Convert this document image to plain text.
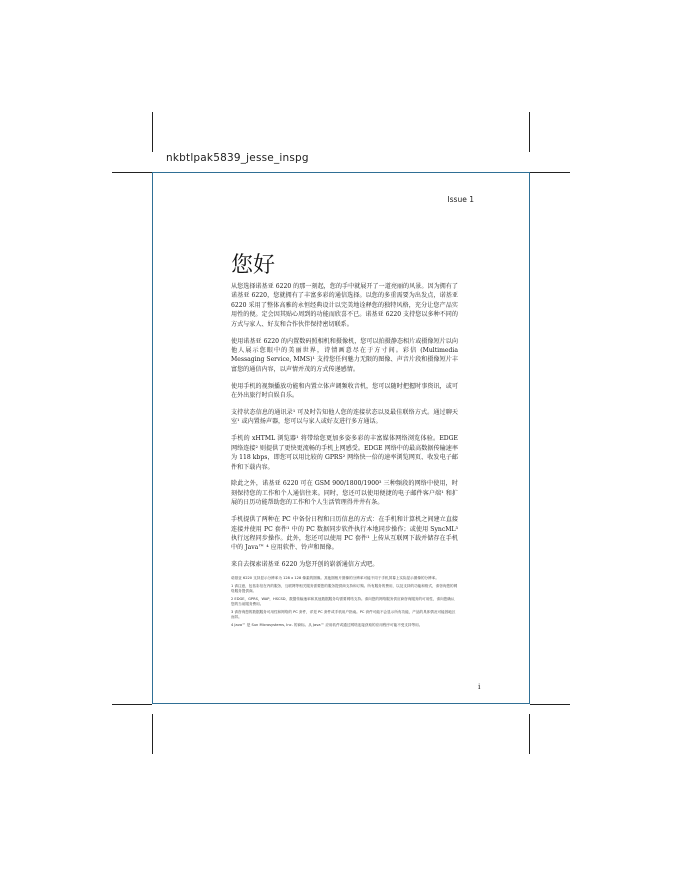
nkbtlpak5839_jesse_inspg
Issue 1
您好

从您选择诺基亚 6220 的那一刻起，您的手中就展开了一道亮丽的风景。因为拥有了诺基亚 6220，您就拥有了丰富多彩的通信选择。以您的多重需要为出发点，诺基亚 6220 采用了整体高雅的永恒经典设计以完美地诠释您的独特风格，充分让您产品实用性的便。定会因其贴心周到的功能而欣喜不已。诺基亚 6220 支持您以多种不同的方式与家人、好友和合作伙伴保持密切联系。

使用诺基亚 6220 的内置数码照相机和摄像机，您可以拍摄静态相片或摄像短片以向他人展示您眼中的美丽世界，诗情画意尽在于方寸间。彩信 (Multimedia Messaging Service, MMS)¹ 支持您任何魅力无限的图像、声音片段和摄像短片丰富您的通信内容，以声情并茂的方式传递感情。

使用手机的视频播放功能和内置立体声调频收音机，您可以随时把握时事资讯，或可在外出旅行时自娱自乐。

支持状态信息的通讯录¹ 可及时告知他人您的连接状态以及最佳联络方式。通过聊天室¹ 或内置扬声器，您可以与家人或好友进行多方通话。

手机的 xHTML 浏览器¹ 将带给您更加多姿多彩的丰富媒体网络浏览体验。EDGE 网络连接² 则提供了更快更流畅的手机上网感受。EDGE 网络中的最高数据传输速率为 118 kbps，即您可以用比较的 GPRS² 网络快一倍的速率浏览网页、收发电子邮件和下载内容。

除此之外，诺基亚 6220 可在 GSM 900/1800/1900³ 三种频段的网络中使用，时刻保持您的工作和个人通信往来。同时，您还可以使用便捷的电子邮件客户端¹ 和扩展的日历功能帮助您的工作和个人生活管理得井井有条。

手机提供了两种在 PC 中备份日程和日历信息的方式：在手机和计算机之间建立直接连接并使用 PC 套件¹ 中的 PC 数据同步软件执行本地同步操作；或使用 SyncML³ 执行远程同步操作。此外，您还可以使用 PC 套件¹ 上传从互联网下载并储存在手机中的 Java™ ⁴ 应用软件、铃声和图像。

来自去探索诺基亚 6220 为您开创的崭新通信方式吧。

诺基亚 6220 支持显示分辨率为 128 x 128 像素的图像。其他图相片图像的分辨率可能不同于手机屏幕上实际显示图像的分辨率。

1 请注意，包括彩信在内的服务，互联网等相关服务需要您的服务提供商支持和订购。所有服务的费用，以及支持的功能和格式，请咨询您的网络服务提供商。

2 EDGE，GPRS，WAP，HSCSD，数据传输速率和其他数据服务均需要网络支持。请向您的网络服务供应商咨询服务的可用性，请向您确认您的当前服务费用。

3 请咨询您的数据服务可用性和网络的 PC 套件，详见 PC 套件或手机用户指南。PC 套件可能不会显示所有功能，产品的具体情况可能因地区而异。

4 Java™ 是 Sun Microsystems, Inc. 的商标。从 Java™ 应用软件或通过网络连接获取的应用程序可能不受支持等用。

i
